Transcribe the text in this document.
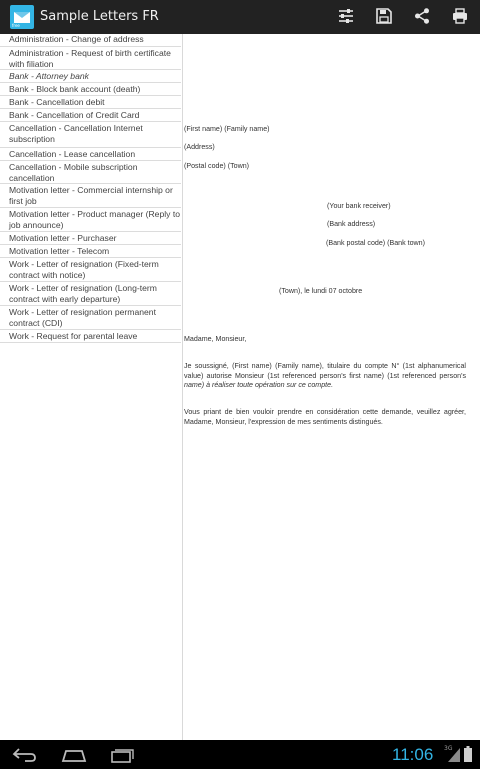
free
Sample Letters FR
Administration - Change of address
Administration - Request of birth certificate with filiation
Bank - Attorney bank
Bank - Block bank account (death)
Bank - Cancellation debit
Bank - Cancellation of Credit Card
Cancellation - Cancellation Internet subscription
Cancellation - Lease cancellation
Cancellation - Mobile subscription cancellation
Motivation letter - Commercial internship or first job
Motivation letter - Product manager (Reply to job announce)
Motivation letter - Purchaser
Motivation letter - Telecom
Work - Letter of resignation (Fixed-term contract with notice)
Work - Letter of resignation (Long-term contract with early departure)
Work - Letter of resignation permanent contract (CDI)
Work - Request for parental leave
(First name) (Family name)
(Address)
(Postal code) (Town)
(Your bank receiver)
(Bank address)
(Bank postal code) (Bank town)
(Town), le lundi 07 octobre
Madame, Monsieur,
Je soussigné, (First name) (Family name), titulaire du compte N° (1st alphanumerical value) autorise Monsieur (1st referenced person's first name) (1st referenced person's name) à réaliser toute opération sur ce compte.
Vous priant de bien vouloir prendre en considération cette demande, veuillez agréer, Madame, Monsieur, l'expression de mes sentiments distingués.
11:06 3G
